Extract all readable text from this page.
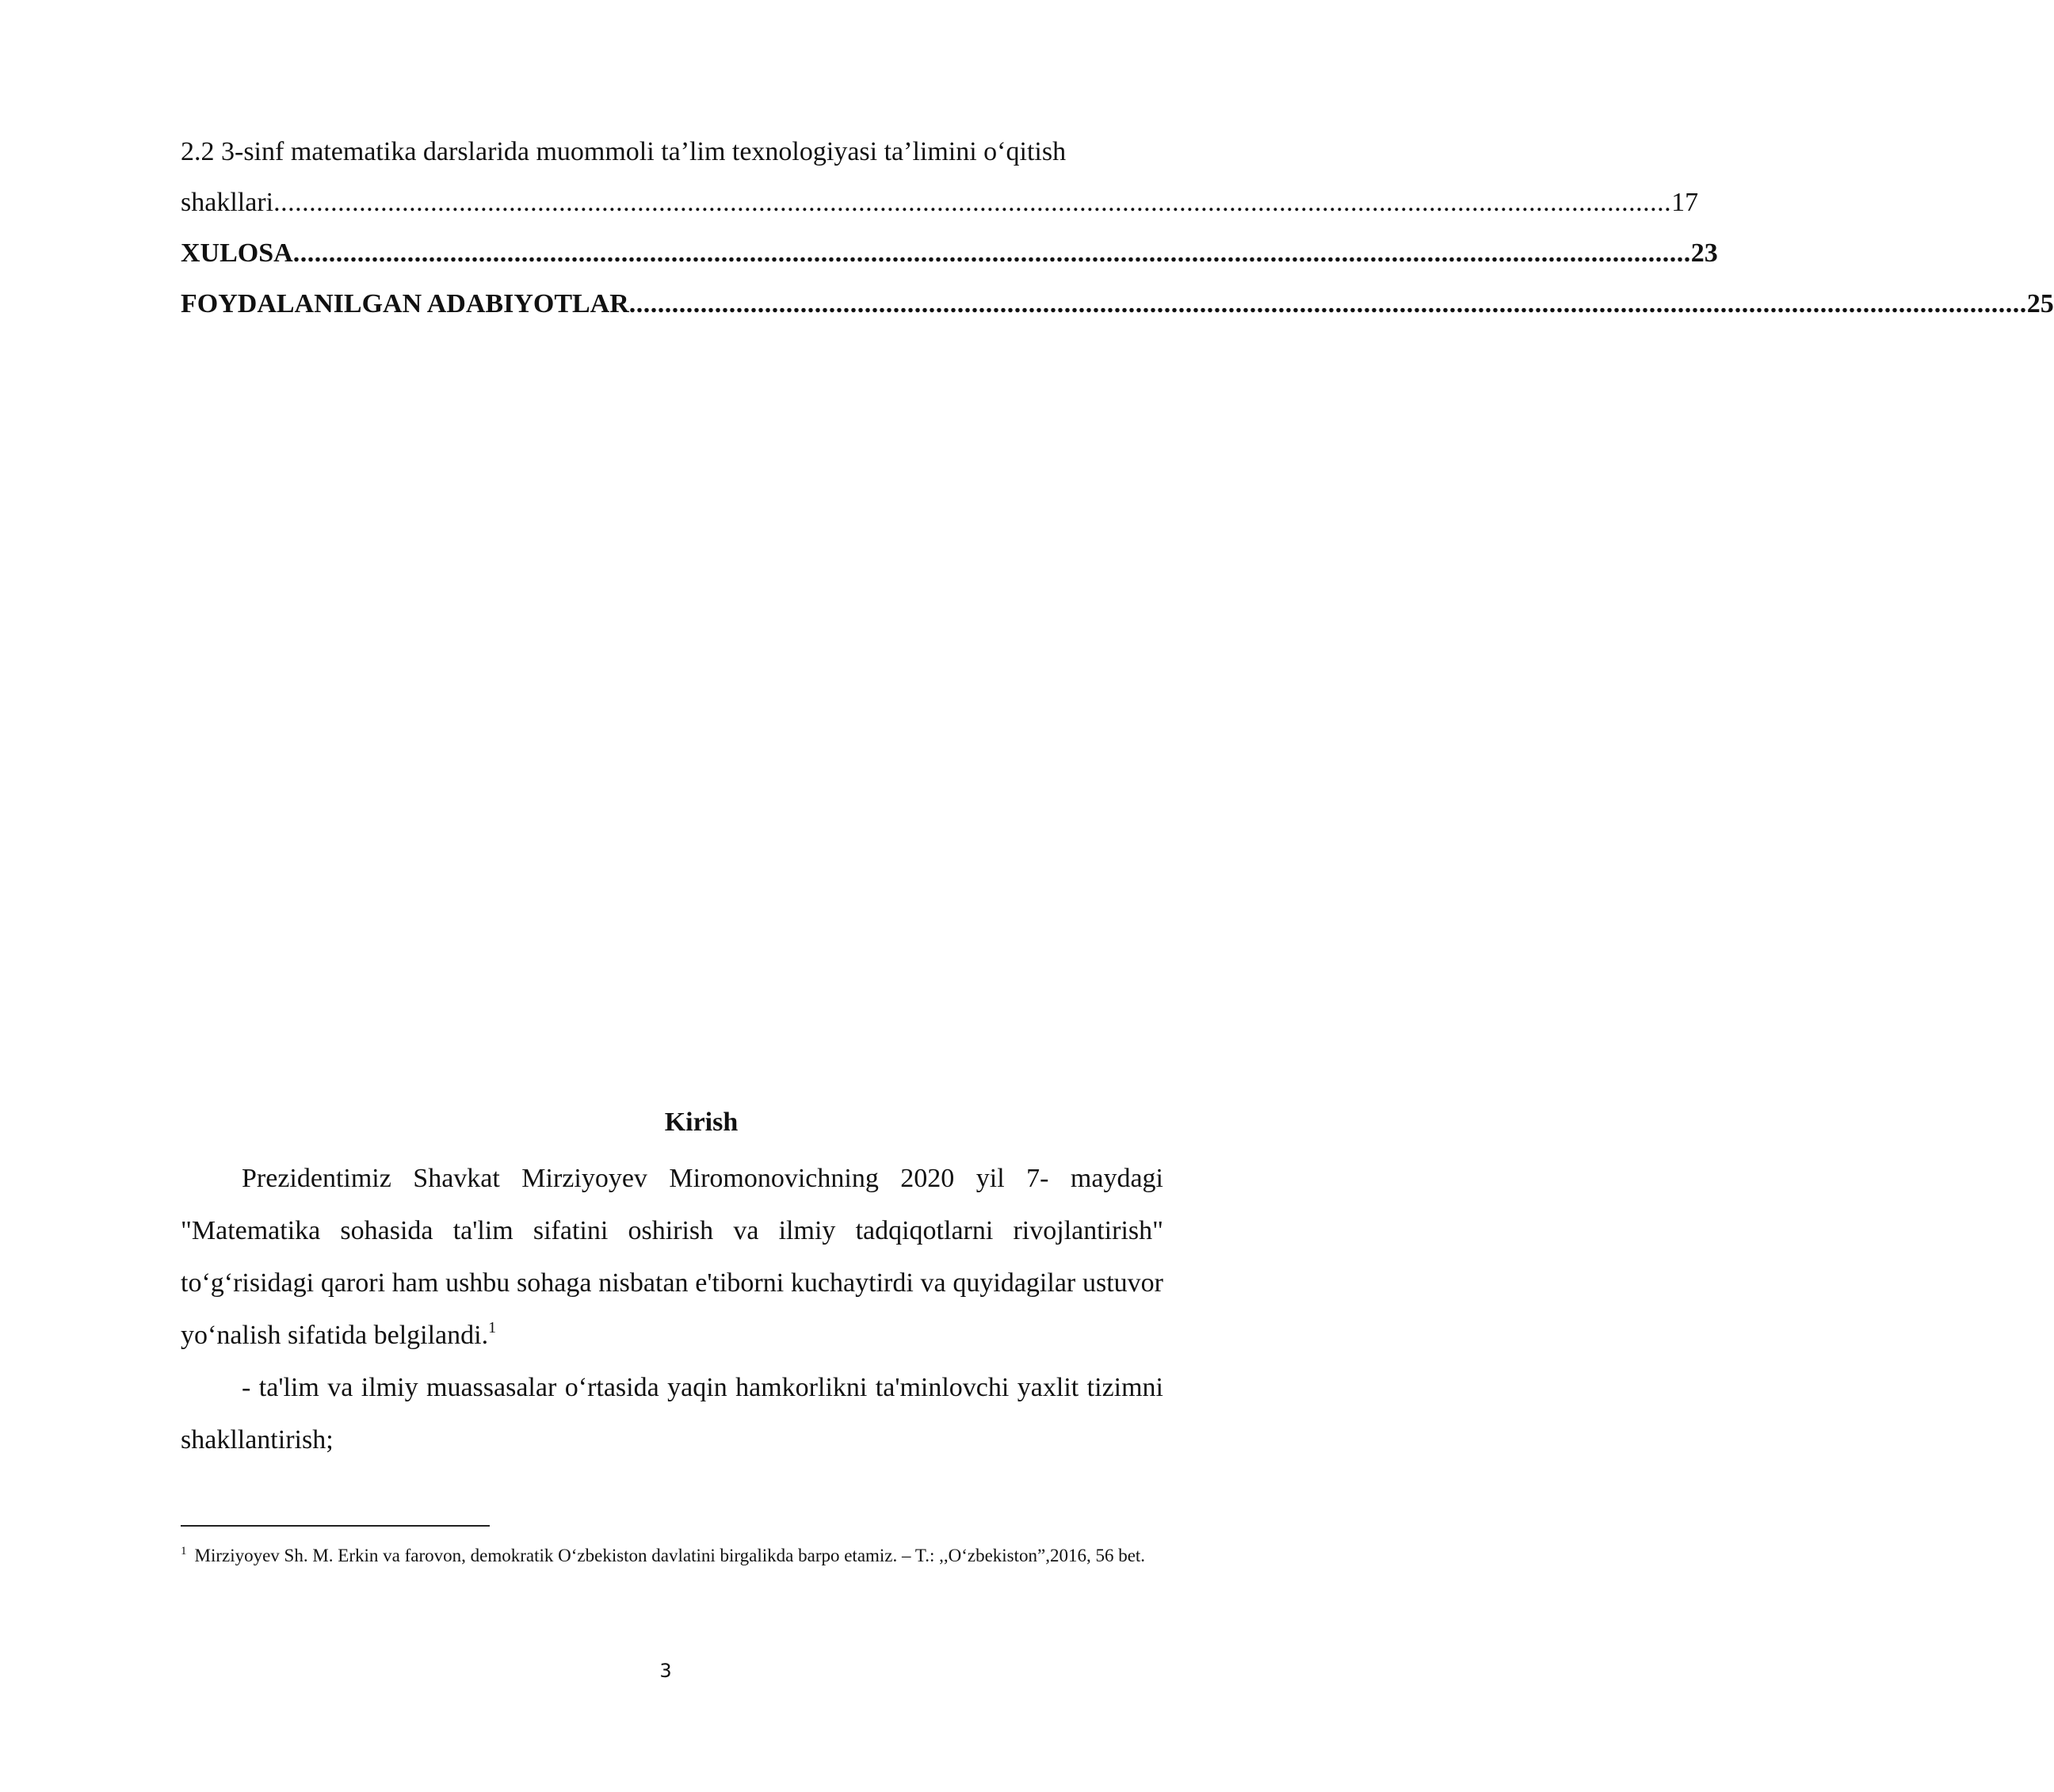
2.2 3-sinf matematika darslarida muommoli ta’lim texnologiyasi ta’limini o‘qitish
shakllari .................................................................................................................................................................................................... 17
XULOSA .................................................................................................................................................................................................... 23
FOYDALANILGAN ADABIYOTLAR .................................................................................................................................................................................................... 25
Kirish

Prezidentimiz Shavkat Mirziyoyev Miromonovichning 2020 yil 7- maydagi "Matematika sohasida ta'lim sifatini oshirish va ilmiy tadqiqotlarni rivojlantirish" to‘g‘risidagi qarori ham ushbu sohaga nisbatan e'tiborni kuchaytirdi va quyidagilar ustuvor yo‘nalish sifatida belgilandi.$^1$

- ta'lim va ilmiy muassasalar o‘rtasida yaqin hamkorlikni ta'minlovchi yaxlit tizimni shakllantirish;

$^1$ Mirziyoyev Sh. M. Erkin va farovon, demokratik O‘zbekiston davlatini birgalikda barpo etamiz. – T.: ,,O‘zbekiston”,2016, 56 bet.
3
